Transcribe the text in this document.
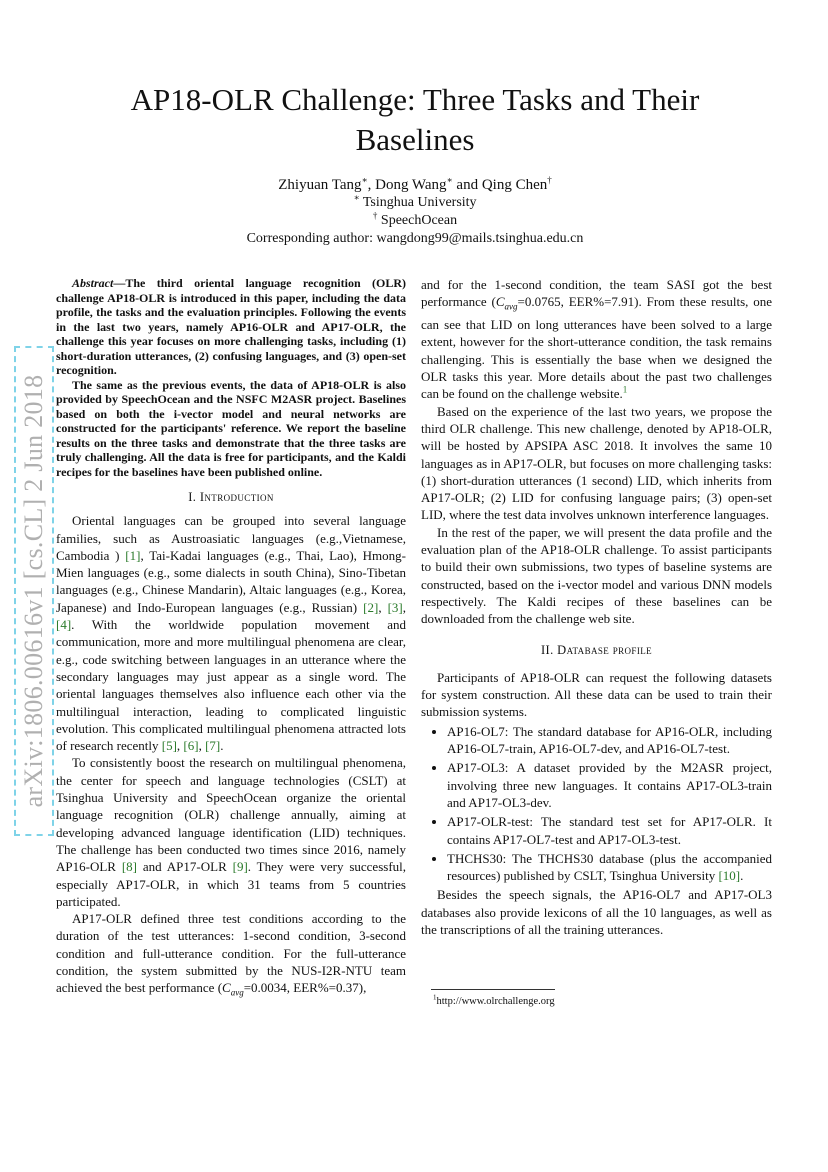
arXiv:1806.00616v1 [cs.CL] 2 Jun 2018
AP18-OLR Challenge: Three Tasks and Their Baselines
Zhiyuan Tang∗, Dong Wang∗ and Qing Chen†
∗ Tsinghua University
† SpeechOcean
Corresponding author: wangdong99@mails.tsinghua.edu.cn

Abstract—The third oriental language recognition (OLR) challenge AP18-OLR is introduced in this paper, including the data profile, the tasks and the evaluation principles. Following the events in the last two years, namely AP16-OLR and AP17-OLR, the challenge this year focuses on more challenging tasks, including (1) short-duration utterances, (2) confusing languages, and (3) open-set recognition.

The same as the previous events, the data of AP18-OLR is also provided by SpeechOcean and the NSFC M2ASR project. Baselines based on both the i-vector model and neural networks are constructed for the participants' reference. We report the baseline results on the three tasks and demonstrate that the three tasks are truly challenging. All the data is free for participants, and the Kaldi recipes for the baselines have been published online.

I. Introduction

Oriental languages can be grouped into several language families, such as Austroasiatic languages (e.g.,Vietnamese, Cambodia ) [1], Tai-Kadai languages (e.g., Thai, Lao), Hmong-Mien languages (e.g., some dialects in south China), Sino-Tibetan languages (e.g., Chinese Mandarin), Altaic languages (e.g., Korea, Japanese) and Indo-European languages (e.g., Russian) [2], [3], [4]. With the worldwide population movement and communication, more and more multilingual phenomena are clear, e.g., code switching between languages in an utterance where the secondary languages may just appear as a single word. The oriental languages themselves also influence each other via the multilingual interaction, leading to complicated linguistic evolution. This complicated multilingual phenomena attracted lots of research recently [5], [6], [7].

To consistently boost the research on multilingual phenomena, the center for speech and language technologies (CSLT) at Tsinghua University and SpeechOcean organize the oriental language recognition (OLR) challenge annually, aiming at developing advanced language identification (LID) techniques. The challenge has been conducted two times since 2016, namely AP16-OLR [8] and AP17-OLR [9]. They were very successful, especially AP17-OLR, in which 31 teams from 5 countries participated.

AP17-OLR defined three test conditions according to the duration of the test utterances: 1-second condition, 3-second condition and full-utterance condition. For the full-utterance condition, the system submitted by the NUS-I2R-NTU team achieved the best performance ($C_{avg}=0.0034$, EER%=0.37),

and for the 1-second condition, the team SASI got the best performance ($C_{avg}=0.0765$, EER%=7.91). From these results, one can see that LID on long utterances have been solved to a large extent, however for the short-utterance condition, the task remains challenging. This is essentially the base when we designed the OLR tasks this year. More details about the past two challenges can be found on the challenge website.$^1$

Based on the experience of the last two years, we propose the third OLR challenge. This new challenge, denoted by AP18-OLR, will be hosted by APSIPA ASC 2018. It involves the same 10 languages as in AP17-OLR, but focuses on more challenging tasks: (1) short-duration utterances (1 second) LID, which inherits from AP17-OLR; (2) LID for confusing language pairs; (3) open-set LID, where the test data involves unknown interference languages.

In the rest of the paper, we will present the data profile and the evaluation plan of the AP18-OLR challenge. To assist participants to build their own submissions, two types of baseline systems are constructed, based on the i-vector model and various DNN models respectively. The Kaldi recipes of these baselines can be downloaded from the challenge web site.

II. Database profile

Participants of AP18-OLR can request the following datasets for system construction. All these data can be used to train their submission systems.

• AP16-OL7: The standard database for AP16-OLR, including AP16-OL7-train, AP16-OL7-dev, and AP16-OL7-test.
• AP17-OL3: A dataset provided by the M2ASR project, involving three new languages. It contains AP17-OL3-train and AP17-OL3-dev.
• AP17-OLR-test: The standard test set for AP17-OLR. It contains AP17-OL7-test and AP17-OL3-test.
• THCHS30: The THCHS30 database (plus the accompanied resources) published by CSLT, Tsinghua University [10].

Besides the speech signals, the AP16-OL7 and AP17-OL3 databases also provide lexicons of all the 10 languages, as well as the transcriptions of all the training utterances.

$^1$http://www.olrchallenge.org
